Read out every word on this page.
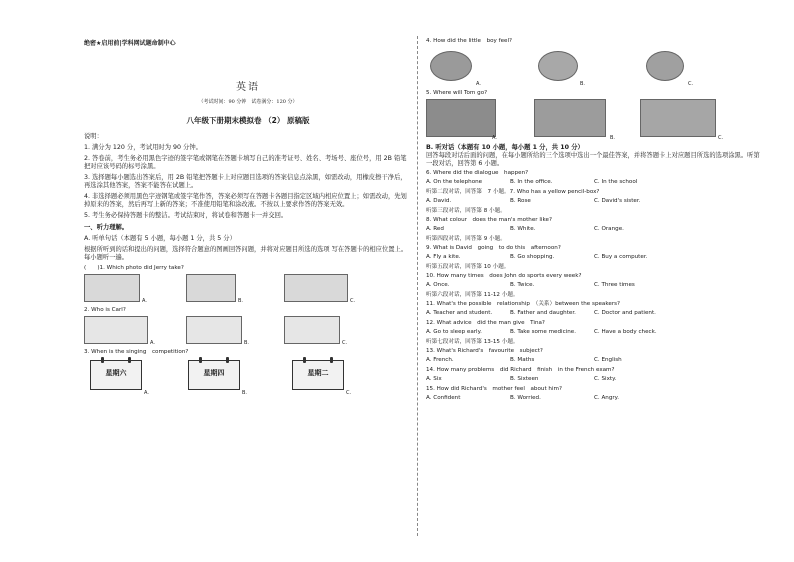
绝密★启用前|学科网试题命制中心
英语
（考试时间：90 分钟　试卷满分：120 分）
八年级下册期末模拟卷 （2） 原稿版
说明：
1. 满分为 120 分，考试用时为 90 分钟。
2. 答卷前，考生务必用黑色字迹的签字笔或钢笔在答题卡填写自己的准考证号、姓名、考场号、座位号，用 2B 铅笔把对应该号码的标号涂黑。
3. 选择题每小题选出答案后，用 2B 铅笔把答题卡上对应题目选项的答案信息点涂黑，如需改动，用橡皮擦干净后，再选涂其他答案，答案不能答在试题上。
4. 非选择题必须用黑色字迹钢笔或签字笔作答，答案必须写在答题卡各题目指定区域内相应位置上；如需改动，先划掉原来的答案，然后再写上新的答案；不准使用铅笔和涂改液。不按以上要求作答的答案无效。
5. 考生务必保持答题卡的整洁。考试结束时，将试卷和答题卡一并交回。
一、听力理解。
A. 听单句话（本题有 5 小题，每小题 1 分，共 5 分）
根据所听到的话和提出的问题，选择符合题意的图画回答问题，并将对应题目所选的选项 写在答题卡的相应位置上。每小题听一遍。
(　　)1. Which photo did Jerry take?
A.	B.	C.
2. Who is Carl?
A.	B.	C.
3. When is the singing　competition?
星期六
A.
星期四
B.
星期二
C.
4. How did the little　boy feel?
A.	B.	C.
5. Where will Tom go?
A.	B.	C.
B. 听对话（本题有 10 小题，每小题 1 分，共 10 分）
回答每段对话后面的问题，在每小题所给的三个选项中选出一个最佳答案，并将答题卡上对应题目所选的选项涂黑。听第一段对话，回答第 6 小题。
6. Where did the dialogue　happen?
A. On the telephone	B. In the office.	C. In the school
听第二段对话，回答第　7 小题。7. Who has a yellow pencil-box?
A. David.	B. Rose	C. David's sister.
听第三段对话，回答第 8 小题。
8. What colour　does the man's mother like?
A. Red	B. White.	C. Orange.
听第四段对话，回答第 9 小题。
9. What is David　going　to do this　afternoon?
A. Fly a kite.	B. Go shopping.	C. Buy a computer.
听第五段对话，回答第 10 小题。
10. How many times　does John do sports every week?
A. Once.	B. Twice.	C. Three times
听第六段对话，回答第 11-12 小题。
11. What's the possible　relationship　（关系）between the speakers?
A. Teacher and student.	B. Father and daughter.	C. Doctor and patient.
12. What advice　did the man give　Tina?
A. Go to sleep early.	B. Take some medicine.	C. Have a body check.
听第七段对话，回答第 13-15 小题。
13. What's Richard's　favourite　subject?
A. French.	B. Maths	C. English
14. How many problems　did Richard　finish　in the French exam?
A. Six	B. Sixteen	C. Sixty.
15. How did Richard's　mother feel　about him?
A. Confident	B. Worried.	C. Angry.
